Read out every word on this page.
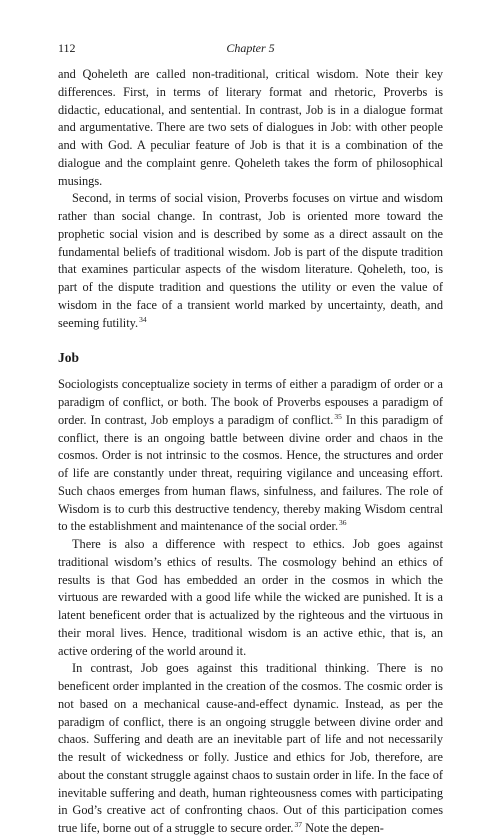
112	Chapter 5

and Qoheleth are called non-traditional, critical wisdom. Note their key differences. First, in terms of literary format and rhetoric, Proverbs is didactic, educational, and sentential. In contrast, Job is in a dialogue format and argumentative. There are two sets of dialogues in Job: with other people and with God. A peculiar feature of Job is that it is a combination of the dialogue and the complaint genre. Qoheleth takes the form of philosophical musings.

Second, in terms of social vision, Proverbs focuses on virtue and wisdom rather than social change. In contrast, Job is oriented more toward the prophetic social vision and is described by some as a direct assault on the fundamental beliefs of traditional wisdom. Job is part of the dispute tradition that examines particular aspects of the wisdom literature. Qoheleth, too, is part of the dispute tradition and questions the utility or even the value of wisdom in the face of a transient world marked by uncertainty, death, and seeming futility.$^{34}$

Job

Sociologists conceptualize society in terms of either a paradigm of order or a paradigm of conflict, or both. The book of Proverbs espouses a paradigm of order. In contrast, Job employs a paradigm of conflict.$^{35}$ In this paradigm of conflict, there is an ongoing battle between divine order and chaos in the cosmos. Order is not intrinsic to the cosmos. Hence, the structures and order of life are constantly under threat, requiring vigilance and unceasing effort. Such chaos emerges from human flaws, sinfulness, and failures. The role of Wisdom is to curb this destructive tendency, thereby making Wisdom central to the establishment and maintenance of the social order.$^{36}$

There is also a difference with respect to ethics. Job goes against traditional wisdom’s ethics of results. The cosmology behind an ethics of results is that God has embedded an order in the cosmos in which the virtuous are rewarded with a good life while the wicked are punished. It is a latent beneficent order that is actualized by the righteous and the virtuous in their moral lives. Hence, traditional wisdom is an active ethic, that is, an active ordering of the world around it.

In contrast, Job goes against this traditional thinking. There is no beneficent order implanted in the creation of the cosmos. The cosmic order is not based on a mechanical cause-and-effect dynamic. Instead, as per the paradigm of conflict, there is an ongoing struggle between divine order and chaos. Suffering and death are an inevitable part of life and not necessarily the result of wickedness or folly. Justice and ethics for Job, therefore, are about the constant struggle against chaos to sustain order in life. In the face of inevitable suffering and death, human righteousness comes with participating in God’s creative act of confronting chaos. Out of this participation comes true life, borne out of a struggle to secure order.$^{37}$ Note the depen-
